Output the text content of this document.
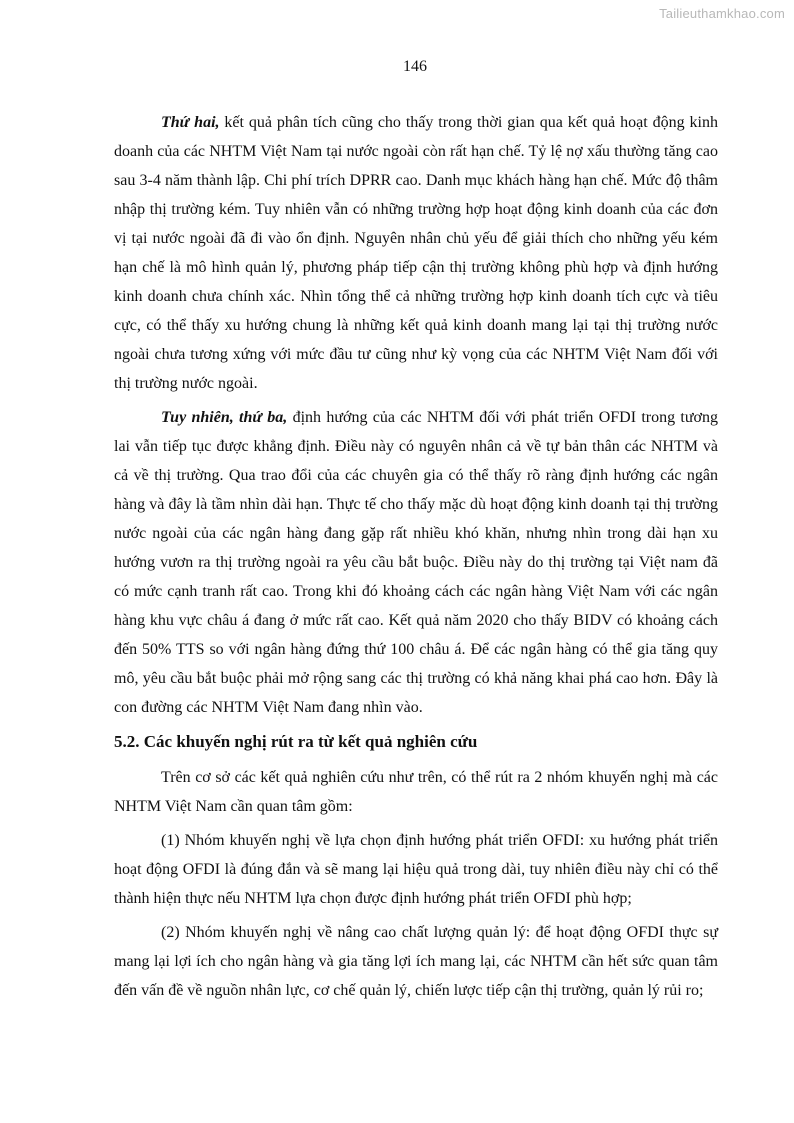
Tailieuthamkhao.com
146

Thứ hai, kết quả phân tích cũng cho thấy trong thời gian qua kết quả hoạt động kinh doanh của các NHTM Việt Nam tại nước ngoài còn rất hạn chế. Tỷ lệ nợ xấu thường tăng cao sau 3-4 năm thành lập. Chi phí trích DPRR cao. Danh mục khách hàng hạn chế. Mức độ thâm nhập thị trường kém. Tuy nhiên vẫn có những trường hợp hoạt động kinh doanh của các đơn vị tại nước ngoài đã đi vào ổn định. Nguyên nhân chủ yếu để giải thích cho những yếu kém hạn chế là mô hình quản lý, phương pháp tiếp cận thị trường không phù hợp và định hướng kinh doanh chưa chính xác. Nhìn tổng thể cả những trường hợp kinh doanh tích cực và tiêu cực, có thể thấy xu hướng chung là những kết quả kinh doanh mang lại tại thị trường nước ngoài chưa tương xứng với mức đầu tư cũng như kỳ vọng của các NHTM Việt Nam đối với thị trường nước ngoài.

Tuy nhiên, thứ ba, định hướng của các NHTM đối với phát triển OFDI trong tương lai vẫn tiếp tục được khẳng định. Điều này có nguyên nhân cả về tự bản thân các NHTM và cả về thị trường. Qua trao đổi của các chuyên gia có thể thấy rõ ràng định hướng các ngân hàng và đây là tầm nhìn dài hạn. Thực tế cho thấy mặc dù hoạt động kinh doanh tại thị trường nước ngoài của các ngân hàng đang gặp rất nhiều khó khăn, nhưng nhìn trong dài hạn xu hướng vươn ra thị trường ngoài ra yêu cầu bắt buộc. Điều này do thị trường tại Việt nam đã có mức cạnh tranh rất cao. Trong khi đó khoảng cách các ngân hàng Việt Nam với các ngân hàng khu vực châu á đang ở mức rất cao. Kết quả năm 2020 cho thấy BIDV có khoảng cách đến 50% TTS so với ngân hàng đứng thứ 100 châu á. Để các ngân hàng có thể gia tăng quy mô, yêu cầu bắt buộc phải mở rộng sang các thị trường có khả năng khai phá cao hơn. Đây là con đường các NHTM Việt Nam đang nhìn vào.

5.2. Các khuyến nghị rút ra từ kết quả nghiên cứu

Trên cơ sở các kết quả nghiên cứu như trên, có thể rút ra 2 nhóm khuyến nghị mà các NHTM Việt Nam cần quan tâm gồm:

(1) Nhóm khuyến nghị về lựa chọn định hướng phát triển OFDI: xu hướng phát triển hoạt động OFDI là đúng đắn và sẽ mang lại hiệu quả trong dài, tuy nhiên điều này chỉ có thể thành hiện thực nếu NHTM lựa chọn được định hướng phát triển OFDI phù hợp;

(2) Nhóm khuyến nghị về nâng cao chất lượng quản lý: để hoạt động OFDI thực sự mang lại lợi ích cho ngân hàng và gia tăng lợi ích mang lại, các NHTM cần hết sức quan tâm đến vấn đề về nguồn nhân lực, cơ chế quản lý, chiến lược tiếp cận thị trường, quản lý rủi ro;
